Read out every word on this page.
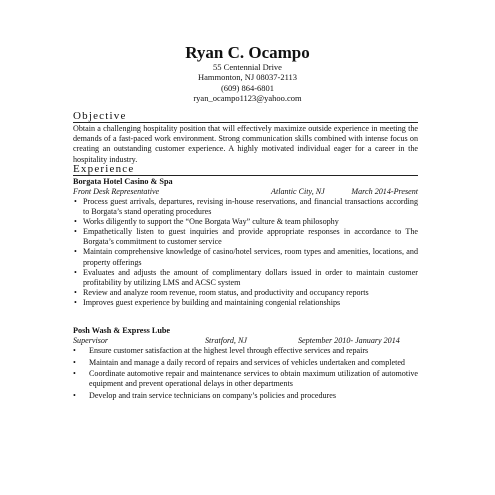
Ryan C. Ocampo
55 Centennial Drive
Hammonton, NJ 08037-2113
(609) 864-6801
ryan_ocampo1123@yahoo.com
Objective

Obtain a challenging hospitality position that will effectively maximize outside experience in meeting the demands of a fast-paced work environment. Strong communication skills combined with intense focus on creating an outstanding customer experience. A highly motivated individual eager for a career in the hospitality industry.

Experience
Borgata Hotel Casino & Spa
Front Desk Representative	Atlantic City, NJ	March 2014-Present
• Process guest arrivals, departures, revising in-house reservations, and financial transactions according to Borgata’s stand operating procedures
• Works diligently to support the “One Borgata Way” culture & team philosophy
• Empathetically listen to guest inquiries and provide appropriate responses in accordance to The Borgata’s commitment to customer service
• Maintain comprehensive knowledge of casino/hotel services, room types and amenities, locations, and property offerings
• Evaluates and adjusts the amount of complimentary dollars issued in order to maintain customer profitability by utilizing LMS and ACSC system
• Review and analyze room revenue, room status, and productivity and occupancy reports
• Improves guest experience by building and maintaining congenial relationships
Posh Wash & Express Lube
Supervisor	Stratford, NJ	September 2010- January 2014
• Ensure customer satisfaction at the highest level through effective services and repairs
• Maintain and manage a daily record of repairs and services of vehicles undertaken and completed
• Coordinate automotive repair and maintenance services to obtain maximum utilization of automotive equipment and prevent operational delays in other departments
• Develop and train service technicians on company’s policies and procedures
